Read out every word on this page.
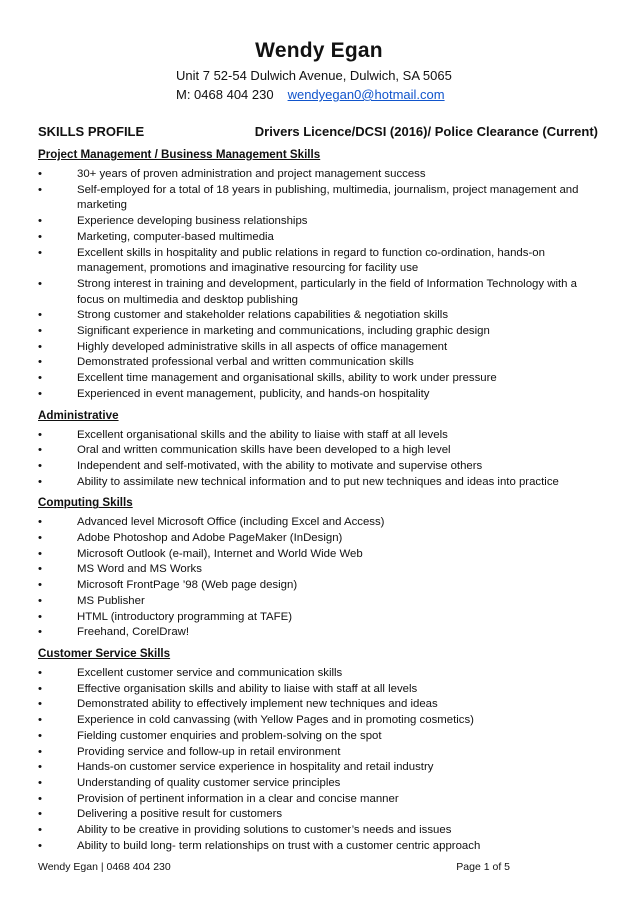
Wendy Egan
Unit 7 52-54 Dulwich Avenue, Dulwich, SA 5065
M: 0468 404 230 wendyegan0@hotmail.com
SKILLS PROFILE	Drivers Licence/DCSI (2016)/ Police Clearance (Current)
Project Management / Business Management Skills
•	30+ years of proven administration and project management success
•	Self-employed for a total of 18 years in publishing, multimedia, journalism, project management and marketing
•	Experience developing business relationships
•	Marketing, computer-based multimedia
•	Excellent skills in hospitality and public relations in regard to function co-ordination, hands-on management, promotions and imaginative resourcing for facility use
•	Strong interest in training and development, particularly in the field of Information Technology with a focus on multimedia and desktop publishing
•	Strong customer and stakeholder relations capabilities & negotiation skills
•	Significant experience in marketing and communications, including graphic design
•	Highly developed administrative skills in all aspects of office management
•	Demonstrated professional verbal and written communication skills
•	Excellent time management and organisational skills, ability to work under pressure
•	Experienced in event management, publicity, and hands-on hospitality
Administrative
•	Excellent organisational skills and the ability to liaise with staff at all levels
•	Oral and written communication skills have been developed to a high level
•	Independent and self-motivated, with the ability to motivate and supervise others
•	Ability to assimilate new technical information and to put new techniques and ideas into practice
Computing Skills
•	Advanced level Microsoft Office (including Excel and Access)
•	Adobe Photoshop and Adobe PageMaker (InDesign)
•	Microsoft Outlook (e-mail), Internet and World Wide Web
•	MS Word and MS Works
•	Microsoft FrontPage ’98 (Web page design)
•	MS Publisher
•	HTML (introductory programming at TAFE)
•	Freehand, CorelDraw!
Customer Service Skills
•	Excellent customer service and communication skills
•	Effective organisation skills and ability to liaise with staff at all levels
•	Demonstrated ability to effectively implement new techniques and ideas
•	Experience in cold canvassing (with Yellow Pages and in promoting cosmetics)
•	Fielding customer enquiries and problem-solving on the spot
•	Providing service and follow-up in retail environment
•	Hands-on customer service experience in hospitality and retail industry
•	Understanding of quality customer service principles
•	Provision of pertinent information in a clear and concise manner
•	Delivering a positive result for customers
•	Ability to be creative in providing solutions to customer’s needs and issues
•	Ability to build long- term relationships on trust with a customer centric approach
Wendy Egan | 0468 404 230	Page 1 of 5
